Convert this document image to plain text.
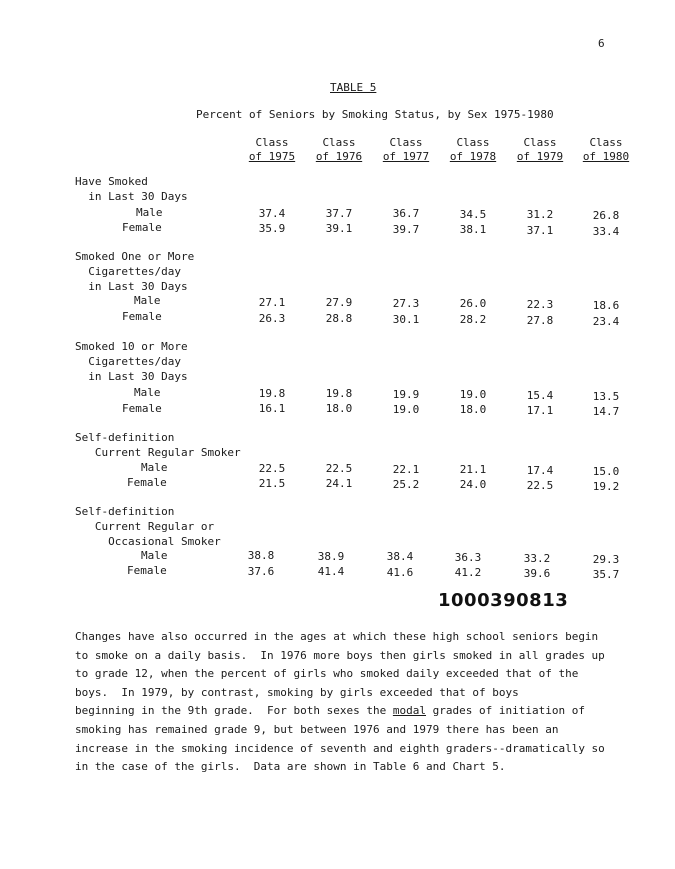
6
TABLE 5
Percent of Seniors by Smoking Status, by Sex 1975-1980
Class
of 1975
Class
of 1976
Class
of 1977
Class
of 1978
Class
of 1979
Class
of 1980
Have Smoked
in Last 30 Days
Male	37.4	37.7	36.7	34.5	31.2	26.8
Female	35.9	39.1	39.7	38.1	37.1	33.4
Smoked One or More
Cigarettes/day
in Last 30 Days
Male	27.1	27.9	27.3	26.0	22.3	18.6
Female	26.3	28.8	30.1	28.2	27.8	23.4
Smoked 10 or More
Cigarettes/day
in Last 30 Days
Male	19.8	19.8	19.9	19.0	15.4	13.5
Female	16.1	18.0	19.0	18.0	17.1	14.7
Self-definition
Current Regular Smoker
Male	22.5	22.5	22.1	21.1	17.4	15.0
Female	21.5	24.1	25.2	24.0	22.5	19.2
Self-definition
Current Regular or
Occasional Smoker
Male	38.8	38.9	38.4	36.3	33.2	29.3
Female	37.6	41.4	41.6	41.2	39.6	35.7
1000390813
Changes have also occurred in the ages at which these high school seniors begin
to smoke on a daily basis.  In 1976 more boys then girls smoked in all grades up
to grade 12, when the percent of girls who smoked daily exceeded that of the
boys.  In 1979, by contrast, smoking by girls exceeded that of boys
beginning in the 9th grade.  For both sexes the modal grades of initiation of
smoking has remained grade 9, but between 1976 and 1979 there has been an
increase in the smoking incidence of seventh and eighth graders--dramatically so
in the case of the girls.  Data are shown in Table 6 and Chart 5.
